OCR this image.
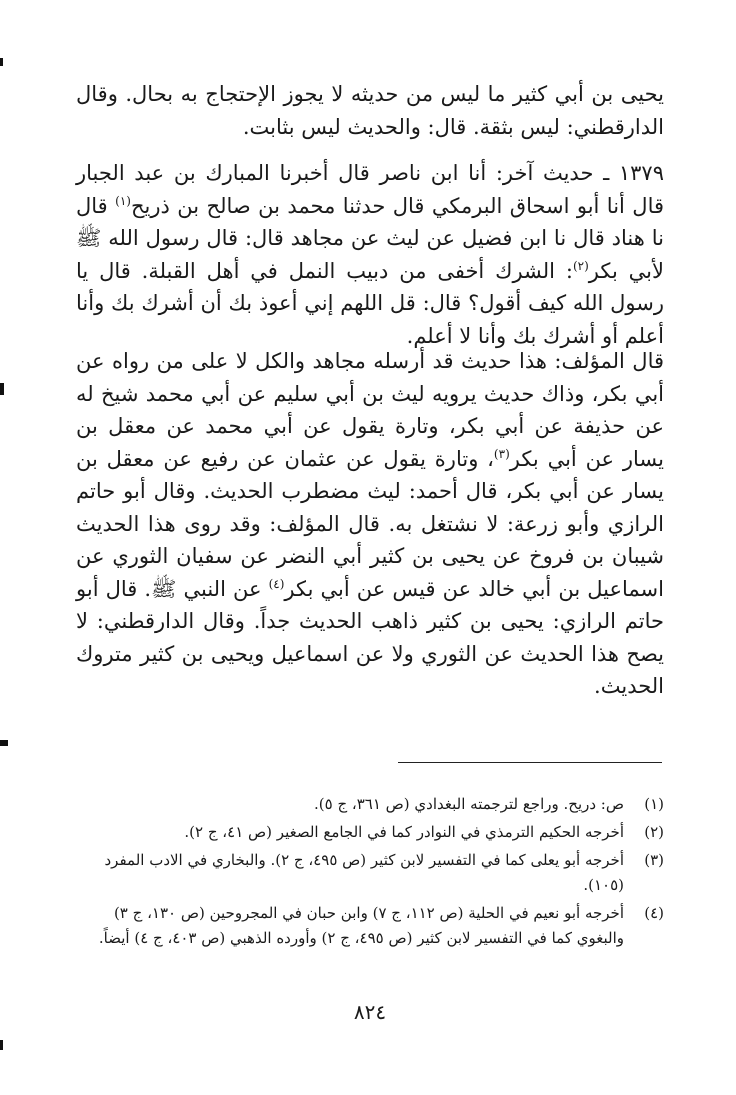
يحيى بن أبي كثير ما ليس من حديثه لا يجوز الإحتجاج به بحال. وقال الدارقطني: ليس بثقة. قال: والحديث ليس بثابت.

١٣٧٩ ـ حديث آخر: أنا ابن ناصر قال أخبرنا المبارك بن عبد الجبار قال أنا أبو اسحاق البرمكي قال حدثنا محمد بن صالح بن ذريح$^{(١)}$ قال نا هناد قال نا ابن فضيل عن ليث عن مجاهد قال: قال رسول الله ﷺ لأبي بكر$^{(٢)}$: الشرك أخفى من دبيب النمل في أهل القبلة. قال يا رسول الله كيف أقول؟ قال: قل اللهم إني أعوذ بك أن أشرك بك وأنا أعلم أو أشرك بك وأنا لا أعلم.

قال المؤلف: هذا حديث قد أرسله مجاهد والكل لا على من رواه عن أبي بكر، وذاك حديث يرويه ليث بن أبي سليم عن أبي محمد شيخ له عن حذيفة عن أبي بكر، وتارة يقول عن أبي محمد عن معقل بن يسار عن أبي بكر$^{(٣)}$، وتارة يقول عن عثمان عن رفيع عن معقل بن يسار عن أبي بكر، قال أحمد: ليث مضطرب الحديث. وقال أبو حاتم الرازي وأبو زرعة: لا نشتغل به. قال المؤلف: وقد روى هذا الحديث شيبان بن فروخ عن يحيى بن كثير أبي النضر عن سفيان الثوري عن اسماعيل بن أبي خالد عن قيس عن أبي بكر$^{(٤)}$ عن النبي ﷺ. قال أبو حاتم الرازي: يحيى بن كثير ذاهب الحديث جداً. وقال الدارقطني: لا يصح هذا الحديث عن الثوري ولا عن اسماعيل ويحيى بن كثير متروك الحديث.

(١)
ص: دريح. وراجع لترجمته البغدادي (ص ٣٦١، ج ٥).
(٢)
أخرجه الحكيم الترمذي في النوادر كما في الجامع الصغير (ص ٤١، ج ٢).
(٣)
أخرجه أبو يعلى كما في التفسير لابن كثير (ص ٤٩٥، ج ٢). والبخاري في الادب المفرد (١٠٥).
(٤)
أخرجه أبو نعيم في الحلية (ص ١١٢، ج ٧) وابن حبان في المجروحين (ص ١٣٠، ج ٣) والبغوي كما في التفسير لابن كثير (ص ٤٩٥، ج ٢) وأورده الذهبي (ص ٤٠٣، ج ٤) أيضاً.
٨٢٤
